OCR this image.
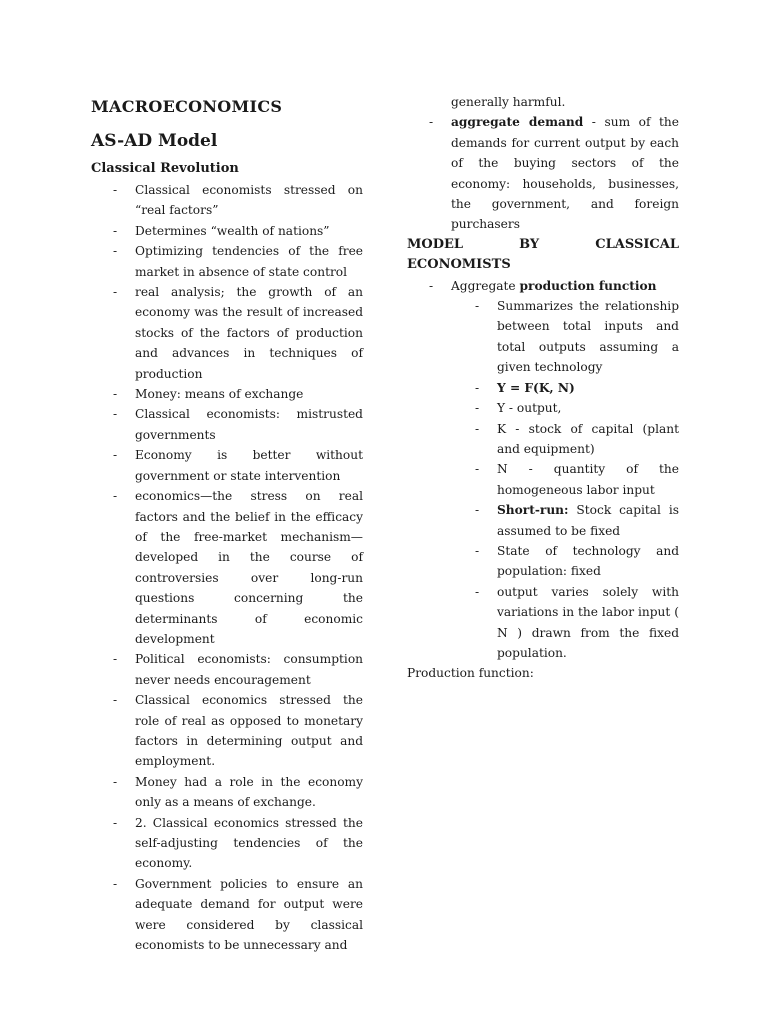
MACROECONOMICS
AS-AD Model
Classical Revolution
- Classical economists stressed on “real factors”
- Determines “wealth of nations”
- Optimizing tendencies of the free market in absence of state control
- real analysis; the growth of an economy was the result of increased stocks of the factors of production and advances in techniques of production
- Money: means of exchange
- Classical economists: mistrusted governments
- Economy is better without government or state intervention
- economics—the stress on real factors and the belief in the efficacy of the free-market mechanism—developed in the course of controversies over long-run questions concerning the determinants of economic development
- Political economists: consumption never needs encouragement
- Classical economics stressed the role of real as opposed to monetary factors in determining output and employment.
- Money had a role in the economy only as a means of exchange.
- 2. Classical economics stressed the self-adjusting tendencies of the economy.
- Government policies to ensure an adequate demand for output were were considered by classical economists to be unnecessary and
generally harmful.
- aggregate demand - sum of the demands for current output by each of the buying sectors of the economy: households, businesses, the government, and foreign purchasers
MODEL BY CLASSICAL
ECONOMISTS
- Aggregate production function
- Summarizes the relationship between total inputs and total outputs assuming a given technology
- Y = F(K, N)
- Y - output,
- K - stock of capital (plant and equipment)
- N - quantity of the homogeneous labor input
- Short-run: Stock capital is assumed to be fixed
- State of technology and population: fixed
- output varies solely with variations in the labor input ( N ) drawn from the fixed population.
Production function:
